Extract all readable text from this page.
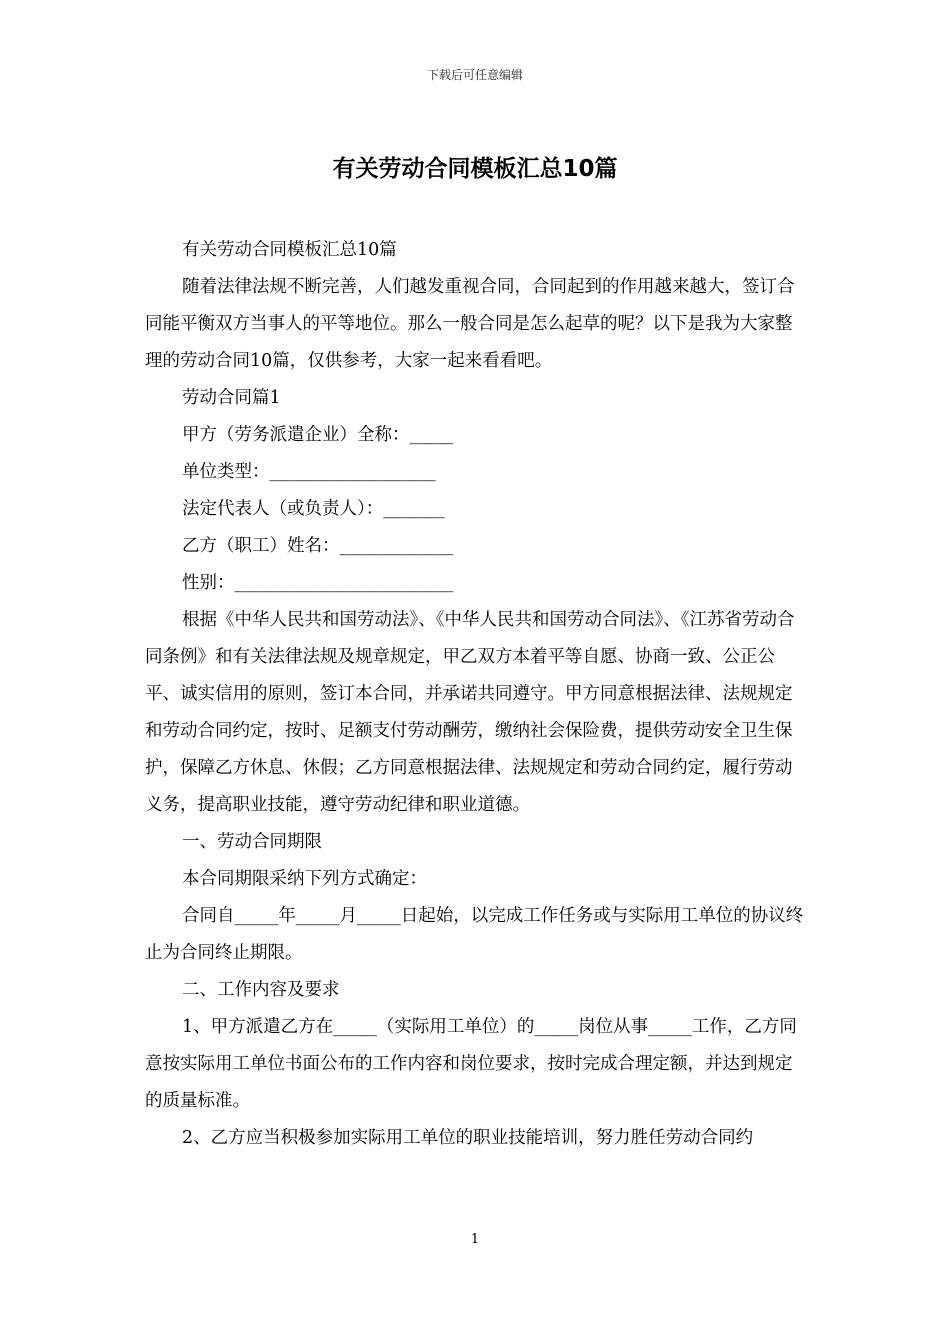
下载后可任意编辑
有关劳动合同模板汇总10篇

有关劳动合同模板汇总10篇

随着法律法规不断完善，人们越发重视合同，合同起到的作用越来越大，签订合同能平衡双方当事人的平等地位。那么一般合同是怎么起草的呢？以下是我为大家整理的劳动合同10篇，仅供参考，大家一起来看看吧。

劳动合同篇1

甲方（劳务派遣企业）全称：_____

单位类型：___________________

法定代表人（或负责人）：_______

乙方（职工）姓名：_____________

性别：_________________________

根据《中华人民共和国劳动法》、《中华人民共和国劳动合同法》、《江苏省劳动合同条例》和有关法律法规及规章规定，甲乙双方本着平等自愿、协商一致、公正公平、诚实信用的原则，签订本合同，并承诺共同遵守。甲方同意根据法律、法规规定和劳动合同约定，按时、足额支付劳动酬劳，缴纳社会保险费，提供劳动安全卫生保护，保障乙方休息、休假；乙方同意根据法律、法规规定和劳动合同约定，履行劳动义务，提高职业技能，遵守劳动纪律和职业道德。

一、劳动合同期限

本合同期限采纳下列方式确定：

合同自_____年_____月_____日起始，以完成工作任务或与实际用工单位的协议终止为合同终止期限。

二、工作内容及要求

1、甲方派遣乙方在_____（实际用工单位）的_____岗位从事_____工作，乙方同意按实际用工单位书面公布的工作内容和岗位要求，按时完成合理定额，并达到规定的质量标准。

2、乙方应当积极参加实际用工单位的职业技能培训，努力胜任劳动合同约

1
